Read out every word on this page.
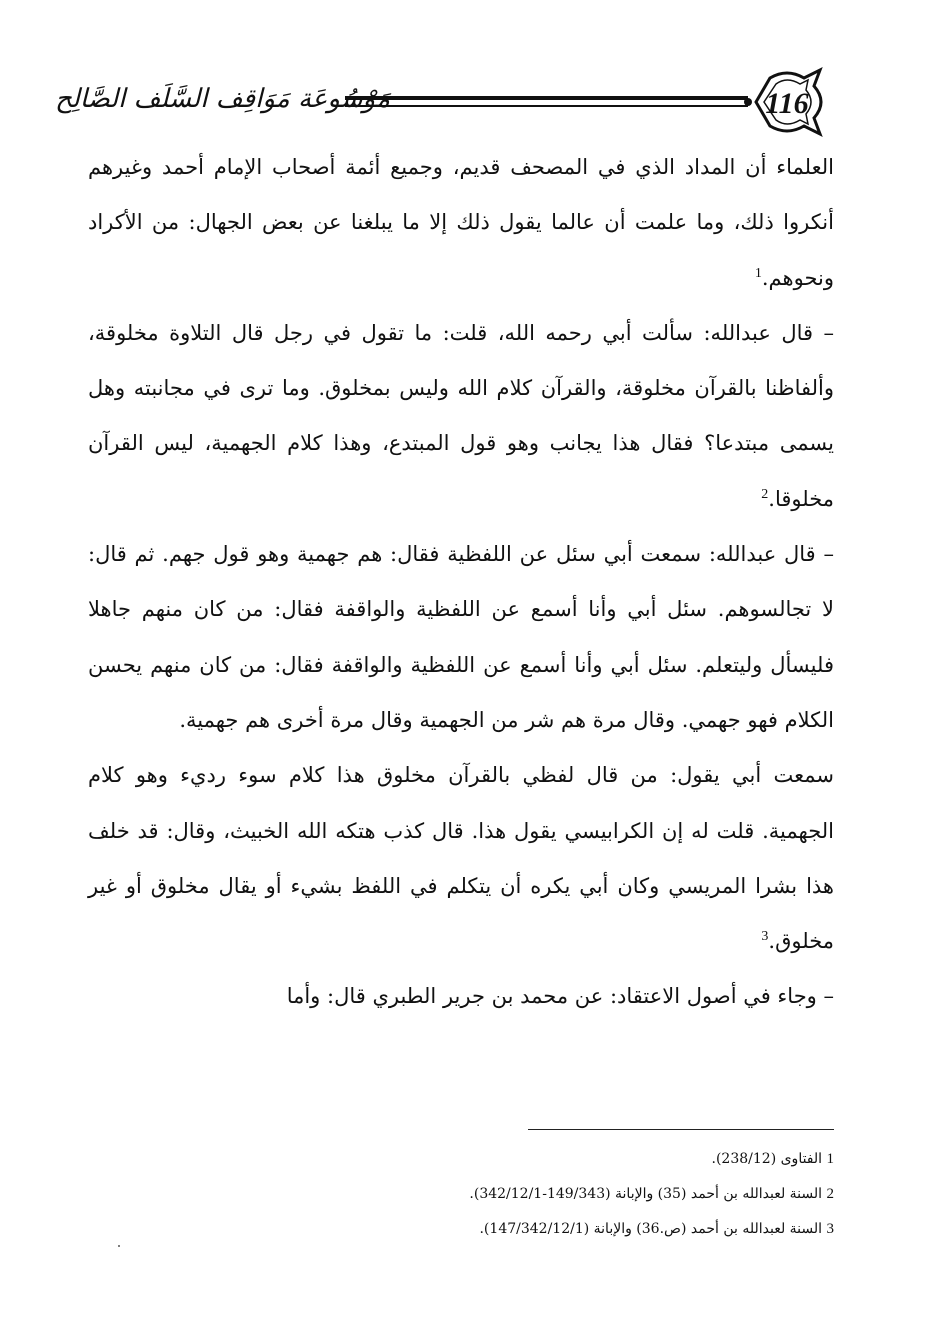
مَوْسُوعَة مَوَاقِف السَّلَف الصَّالِح	116

العلماء أن المداد الذي في المصحف قديم، وجميع أئمة أصحاب الإمام أحمد وغيرهم أنكروا ذلك، وما علمت أن عالما يقول ذلك إلا ما يبلغنا عن بعض الجهال: من الأكراد ونحوهم.$^1$

– قال عبدالله: سألت أبي رحمه الله، قلت: ما تقول في رجل قال التلاوة مخلوقة، وألفاظنا بالقرآن مخلوقة، والقرآن كلام الله وليس بمخلوق. وما ترى في مجانبته وهل يسمى مبتدعا؟ فقال هذا يجانب وهو قول المبتدع، وهذا كلام الجهمية، ليس القرآن مخلوقا.$^2$

– قال عبدالله: سمعت أبي سئل عن اللفظية فقال: هم جهمية وهو قول جهم. ثم قال: لا تجالسوهم. سئل أبي وأنا أسمع عن اللفظية والواقفة فقال: من كان منهم جاهلا فليسأل وليتعلم. سئل أبي وأنا أسمع عن اللفظية والواقفة فقال: من كان منهم يحسن الكلام فهو جهمي. وقال مرة هم شر من الجهمية وقال مرة أخرى هم جهمية.

سمعت أبي يقول: من قال لفظي بالقرآن مخلوق هذا كلام سوء رديء وهو كلام الجهمية. قلت له إن الكرابيسي يقول هذا. قال كذب هتكه الله الخبيث، وقال: قد خلف هذا بشرا المريسي وكان أبي يكره أن يتكلم في اللفظ بشيء أو يقال مخلوق أو غير مخلوق.$^3$

– وجاء في أصول الاعتقاد: عن محمد بن جرير الطبري قال: وأما

1 الفتاوى (238/12).
2 السنة لعبدالله بن أحمد (35) والإبانة (149/343-342/12/1).
3 السنة لعبدالله بن أحمد (ص.36) والإبانة (147/342/12/1).
